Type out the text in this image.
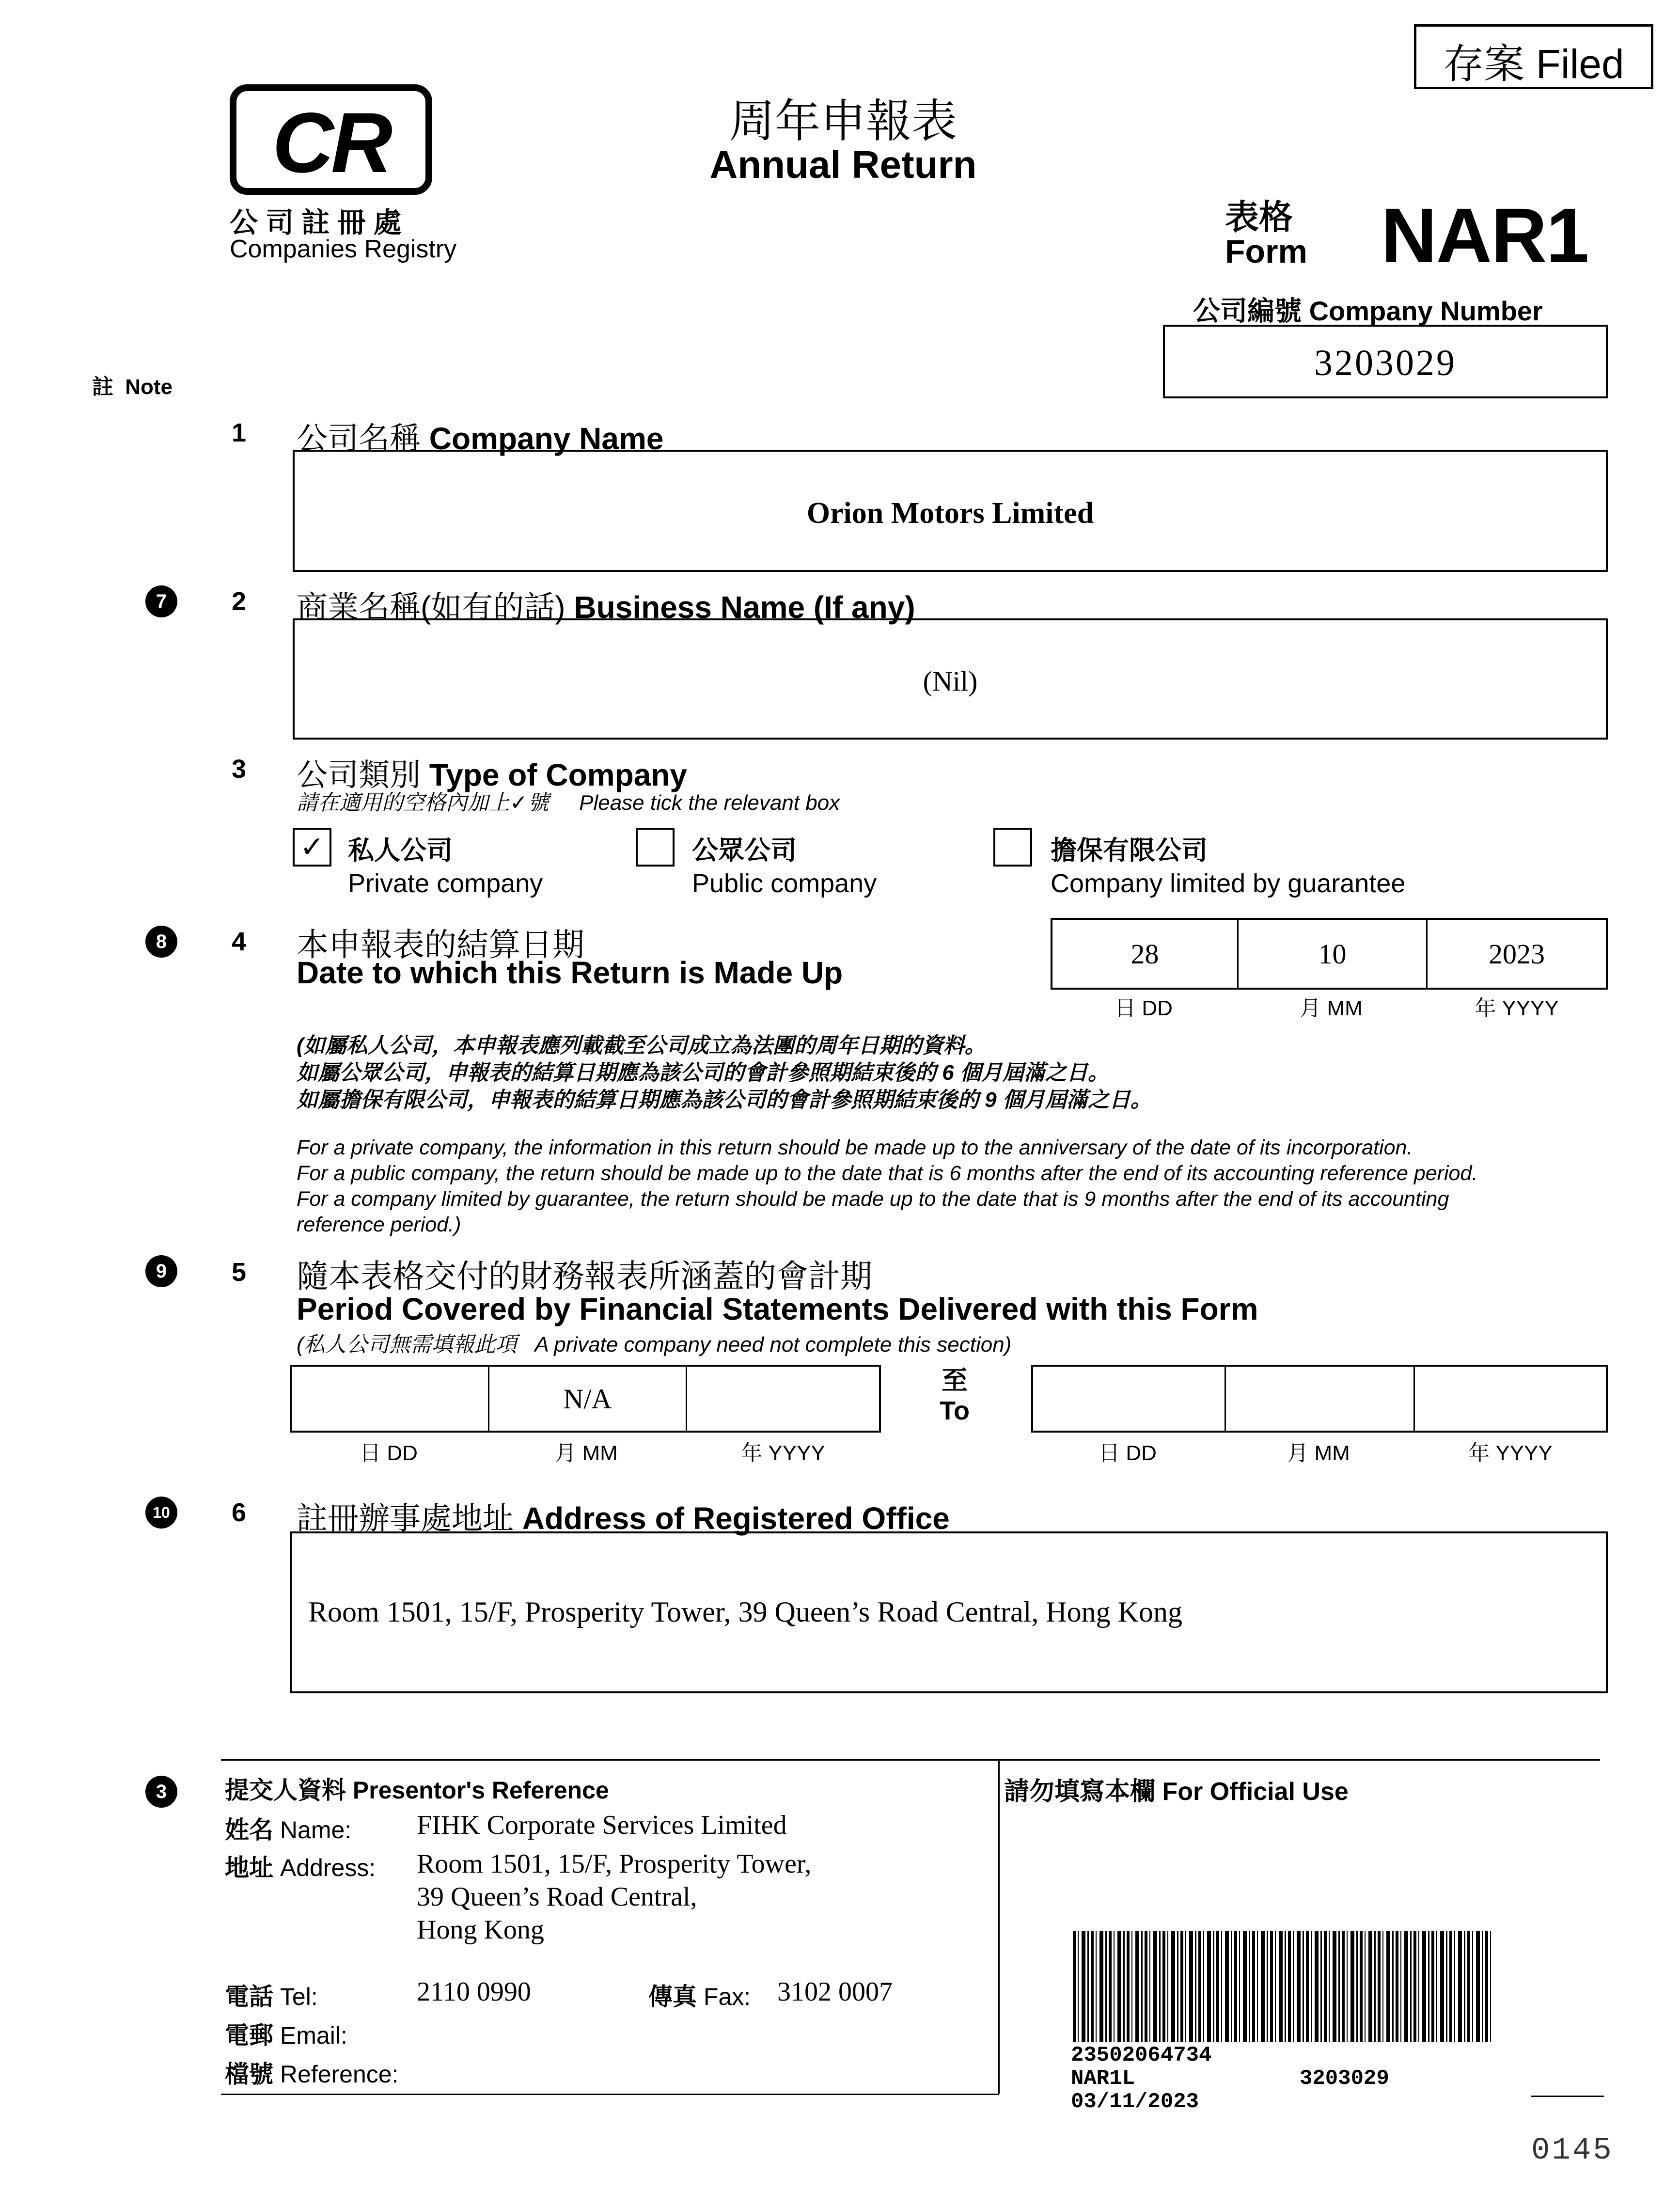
存案 Filed
CR
公 司 註 冊 處
Companies Registry
周年申報表
Annual Return
表格
Form NAR1
公司編號 Company Number
3203029
註 Note
1 公司名稱 Company Name
Orion Motors Limited
7	2 商業名稱(如有的話) Business Name (If any)
(Nil)
3 公司類別 Type of Company
請在適用的空格內加上✓號 Please tick the relevant box
✓ 私人公司
Private company
公眾公司
Public company
擔保有限公司
Company limited by guarantee
8	4 本申報表的結算日期
Date to which this Return is Made Up
28	10	2023
日 DD	月 MM	年 YYYY
(如屬私人公司，本申報表應列載截至公司成立為法團的周年日期的資料。
如屬公眾公司，申報表的結算日期應為該公司的會計參照期結束後的 6 個月屆滿之日。
如屬擔保有限公司，申報表的結算日期應為該公司的會計參照期結束後的 9 個月屆滿之日。
For a private company, the information in this return should be made up to the anniversary of the date of its incorporation.
For a public company, the return should be made up to the date that is 6 months after the end of its accounting reference period.
For a company limited by guarantee, the return should be made up to the date that is 9 months after the end of its accounting
reference period.)
9	5 隨本表格交付的財務報表所涵蓋的會計期
Period Covered by Financial Statements Delivered with this Form
(私人公司無需填報此項   A private company need not complete this section)
N/A
日 DD	月 MM	年 YYYY
至
To
日 DD	月 MM	年 YYYY
10 6 註冊辦事處地址 Address of Registered Office
Room 1501, 15/F, Prosperity Tower, 39 Queen’s Road Central, Hong Kong
3	提交人資料 Presentor's Reference
姓名 Name: FIHK Corporate Services Limited
地址 Address: Room 1501, 15/F, Prosperity Tower,
39 Queen’s Road Central,
Hong Kong
電話 Tel:	2110 0990	傳真 Fax: 3102 0007
電郵 Email:
檔號 Reference:
請勿填寫本欄 For Official Use
23502064734
NAR1L	3203029
03/11/2023
0145
